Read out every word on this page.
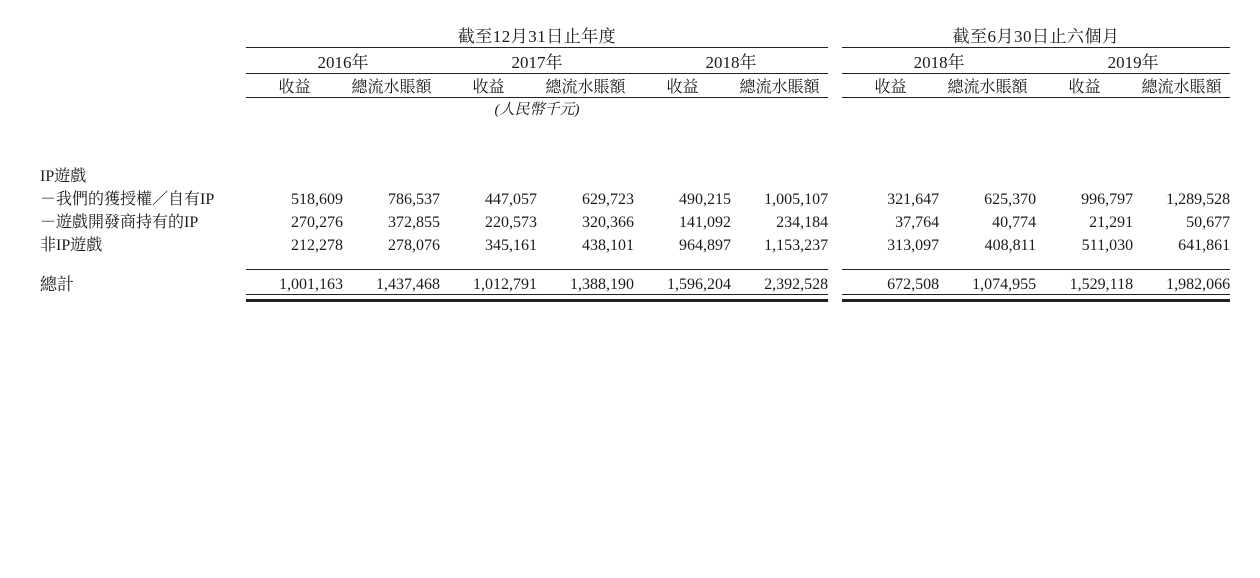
	截至12月31日止年度							截至6月30日止六個月			

	2016年		2017年		2018年			2018年		2019年	

	收益	總流水賬額	收益	總流水賬額	收益	總流水賬額		收益	總流水賬額	收益	總流水賬額

	(人民幣千元)										

IP遊戲											
－我們的獲授權／自有IP	518,609	786,537	447,057	629,723	490,215	1,005,107		321,647	625,370	996,797	1,289,528
－遊戲開發商持有的IP	270,276	372,855	220,573	320,366	141,092	234,184		37,764	40,774	21,291	50,677
非IP遊戲	212,278	278,076	345,161	438,101	964,897	1,153,237		313,097	408,811	511,030	641,861

總計	1,001,163	1,437,468	1,012,791	1,388,190	1,596,204	2,392,528		672,508	1,074,955	1,529,118	1,982,066
